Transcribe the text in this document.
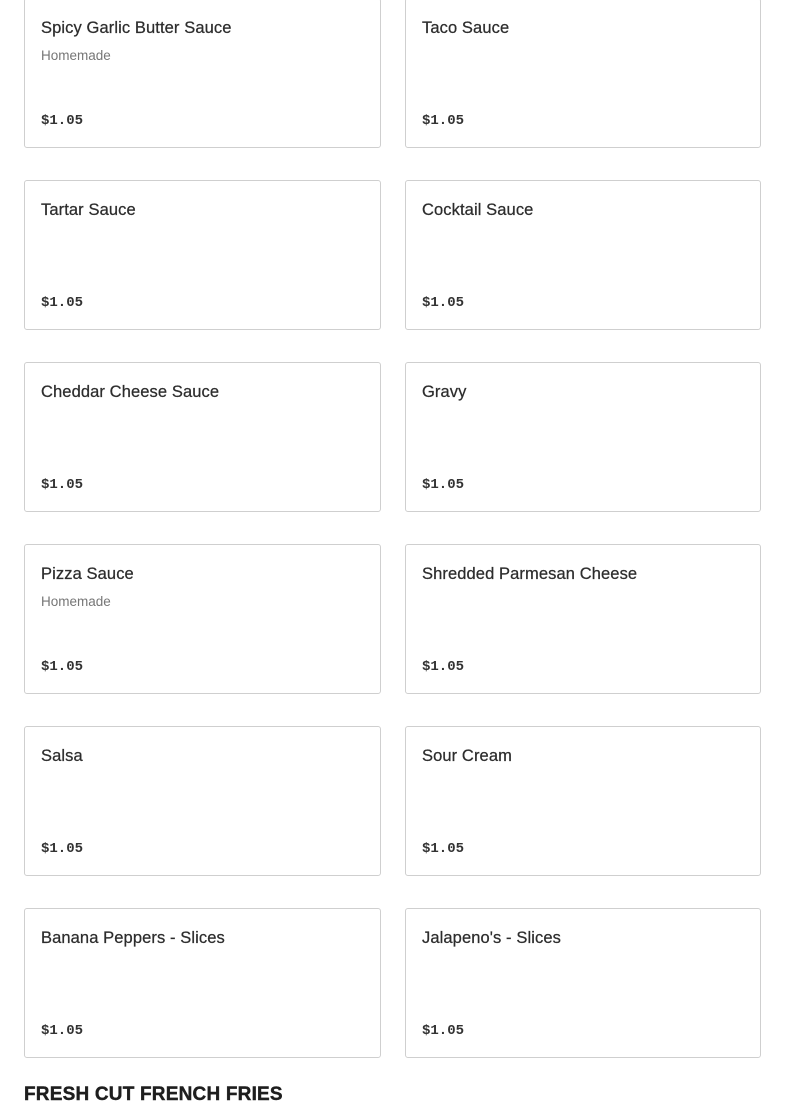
Spicy Garlic Butter Sauce
Homemade
$1.05
Taco Sauce
$1.05
Tartar Sauce
$1.05
Cocktail Sauce
$1.05
Cheddar Cheese Sauce
$1.05
Gravy
$1.05
Pizza Sauce
Homemade
$1.05
Shredded Parmesan Cheese
$1.05
Salsa
$1.05
Sour Cream
$1.05
Banana Peppers - Slices
$1.05
Jalapeno's - Slices
$1.05
FRESH CUT FRENCH FRIES
